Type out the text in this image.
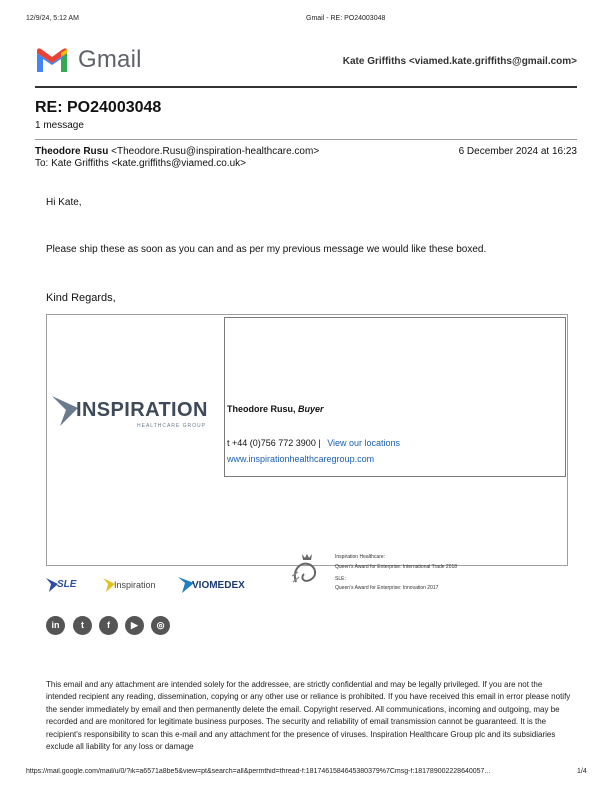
12/9/24, 5:12 AM	Gmail - RE: PO24003048
Gmail	Kate Griffiths <viamed.kate.griffiths@gmail.com>
RE: PO24003048
1 message
Theodore Rusu <Theodore.Rusu@inspiration-healthcare.com>	6 December 2024 at 16:23
To: Kate Griffiths <kate.griffiths@viamed.co.uk>
Hi Kate,
Please ship these as soon as you can and as per my previous message we would like these boxed.
Kind Regards,
INSPIRATION
HEALTHCARE GROUP
Theodore Rusu, Buyer
t +44 (0)756 772 3900 | View our locations
www.inspirationhealthcaregroup.com
Inspiration Healthcare:
Queen's Award for Enterprise: International Trade 2018
SLE:
Queen's Award for Enterprise: Innovation 2017
SLE	Inspiration	VIOMEDEX
in	t	f	▶	◎
This email and any attachment are intended solely for the addressee, are strictly confidential and may be legally privileged. If you are not the intended recipient any reading, dissemination, copying or any other use or reliance is prohibited. If you have received this email in error please notify the sender immediately by email and then permanently delete the email. Copyright reserved. All communications, incoming and outgoing, may be recorded and are monitored for legitimate business purposes. The security and reliability of email transmission cannot be guaranteed. It is the recipient's responsibility to scan this e-mail and any attachment for the presence of viruses. Inspiration Healthcare Group plc and its subsidiaries exclude all liability for any loss or damage
https://mail.google.com/mail/u/0/?ik=a6571a8be5&view=pt&search=all&permthid=thread-f:1817461584645380379%7Cmsg-f:181789002228640057...	1/4
